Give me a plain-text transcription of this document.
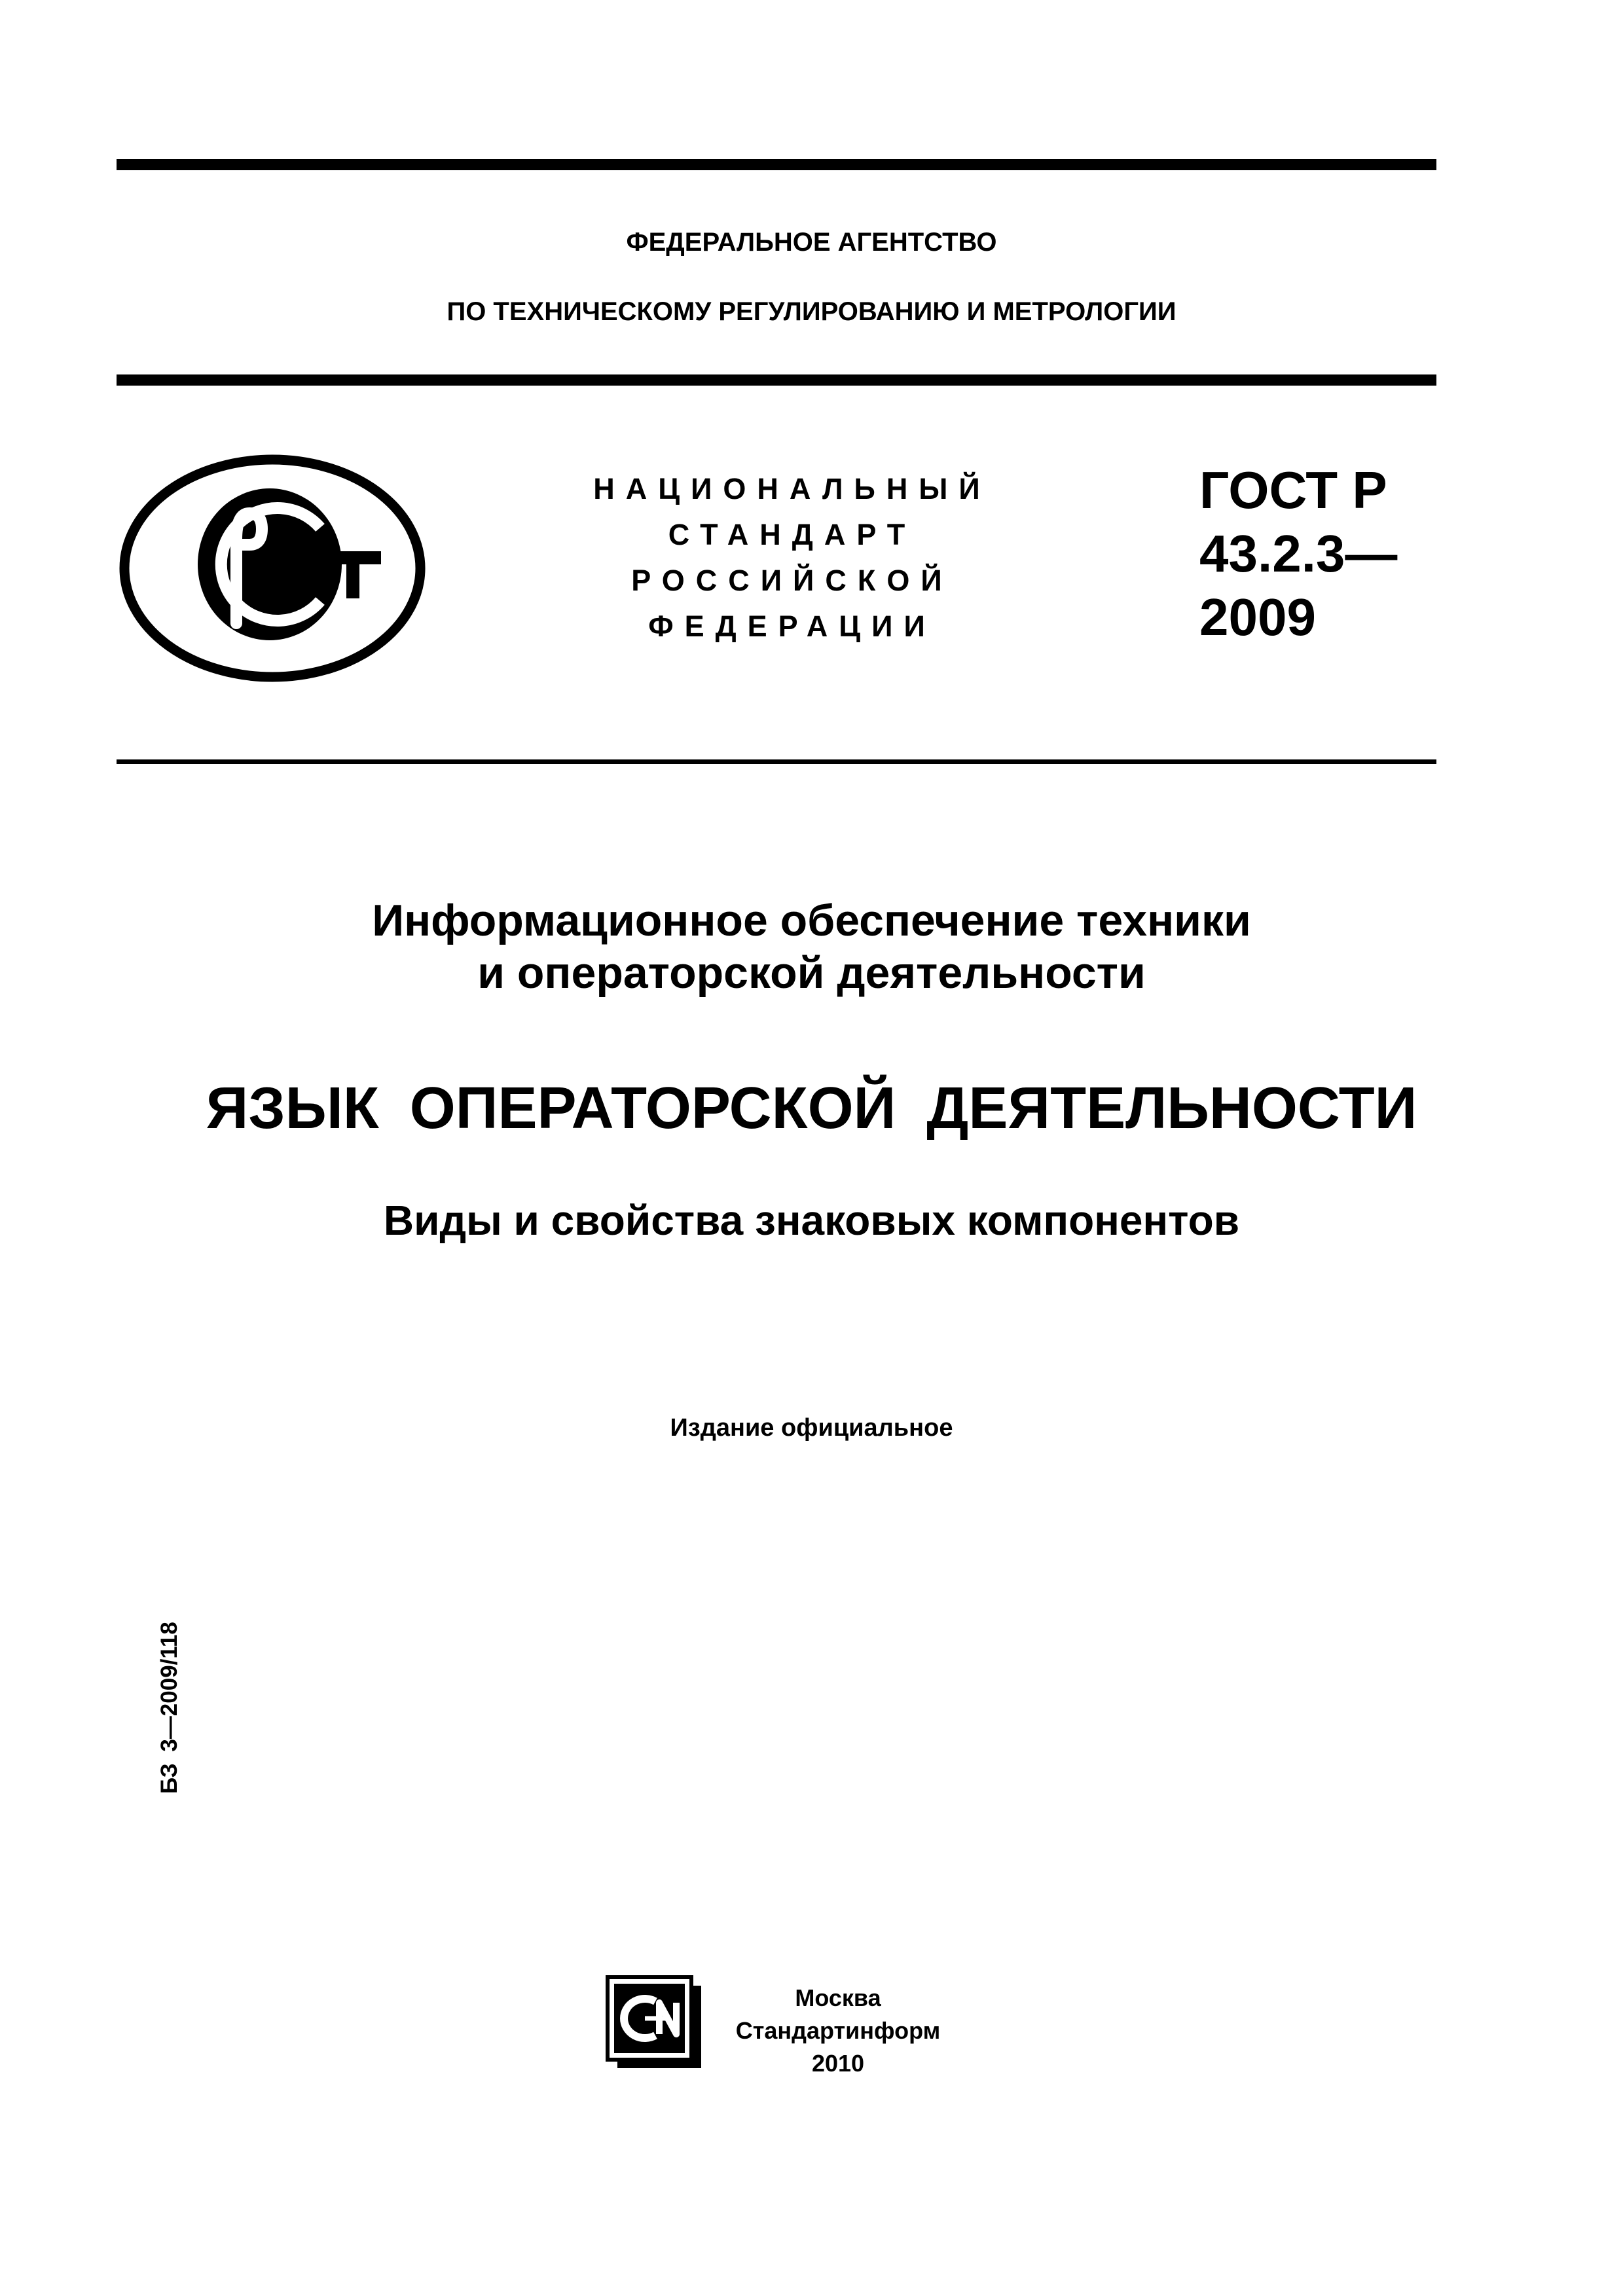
ФЕДЕРАЛЬНОЕ АГЕНТСТВО
ПО ТЕХНИЧЕСКОМУ РЕГУЛИРОВАНИЮ И МЕТРОЛОГИИ
НАЦИОНАЛЬНЫЙ
СТАНДАРТ
РОССИЙСКОЙ
ФЕДЕРАЦИИ
ГОСТ Р
43.2.3—
2009
Информационное обеспечение техники
и операторской деятельности
ЯЗЫК ОПЕРАТОРСКОЙ ДЕЯТЕЛЬНОСТИ
Виды и свойства знаковых компонентов
Издание официальное
БЗ 3—2009/118
Москва
Стандартинформ
2010
